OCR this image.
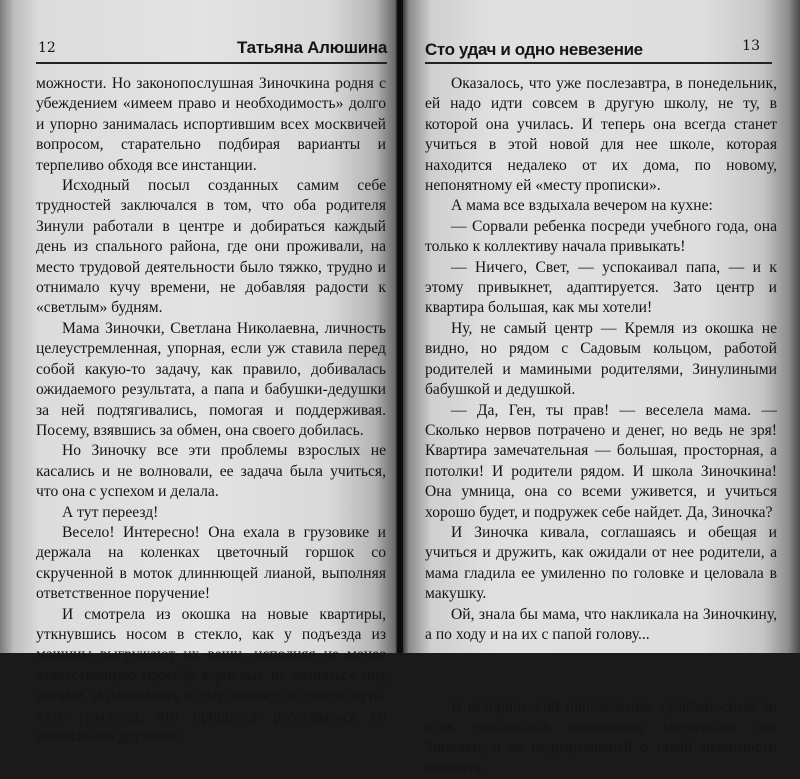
12	Татьяна Алюшина

можности. Но законопослушная Зиночкина родня с убеждением «имеем право и необходимость» долго и упорно занималась испортившим всех москвичей вопросом, старательно подбирая варианты и терпеливо обходя все инстанции.

Исходный посыл созданных самим себе трудностей заключался в том, что оба родителя Зинули работали в центре и добираться каждый день из спального района, где они проживали, на место трудовой деятельности было тяжко, трудно и отнимало кучу времени, не добавляя радости к «светлым» будням.

Мама Зиночки, Светлана Николаевна, личность целеустремленная, упорная, если уж ставила перед собой какую-то задачу, как правило, добивалась ожидаемого результата, а папа и бабушки-дедушки за ней подтягивались, помогая и поддерживая. Посему, взявшись за обмен, она своего добилась.

Но Зиночку все эти проблемы взрослых не касались и не волновали, ее задача была учиться, что она с успехом и делала.

А тут переезд!

Весело! Интересно! Она ехала в грузовике и держала на коленках цветочный горшок со скрученной в моток длиннющей лианой, выполняя ответственное поручение!

И смотрела из окошка на новые квартиры, уткнувшись носом в стекло, как у подъезда из машины выгружают их вещи, исполняя не менее ответственную просьбу взрослых не мешаться под ногами, и радовалась всему новому, и совсем чуть-чуть грустила, что пришлось расставаться со школьными друзьями.

Сто удач и одно невезение	13

Оказалось, что уже послезавтра, в понедельник, ей надо идти совсем в другую школу, не ту, в которой она училась. И теперь она всегда станет учиться в этой новой для нее школе, которая находится недалеко от их дома, по новому, непонятному ей «месту прописки».

А мама все вздыхала вечером на кухне:

— Сорвали ребенка посреди учебного года, она только к коллективу начала привыкать!

— Ничего, Свет, — успокаивал папа, — и к этому привыкнет, адаптируется. Зато центр и квартира большая, как мы хотели!

Ну, не самый центр — Кремля из окошка не видно, но рядом с Садовым кольцом, работой родителей и мамиными родителями, Зинулиными бабушкой и дедушкой.

— Да, Ген, ты прав! — веселела мама. — Сколько нервов потрачено и денег, но ведь не зря! Квартира замечательная — большая, просторная, а потолки! И родители рядом. И школа Зиночкина! Она умница, она со всеми уживется, и учиться хорошо будет, и подружек себе найдет. Да, Зиночка?

И Зиночка кивала, соглашаясь и обещая и учиться и дружить, как ожидали от нее родители, а мама гладила ее умиленно по головке и целовала в макушку.

Ой, знала бы мама, что накликала на Зиночкину, а по ходу и на их с папой голову...

В исторический понедельник, судьбоносный во всех глобальных жизненных масштабах для Зиночки, и не подозревавшей о такой значимости момента,
